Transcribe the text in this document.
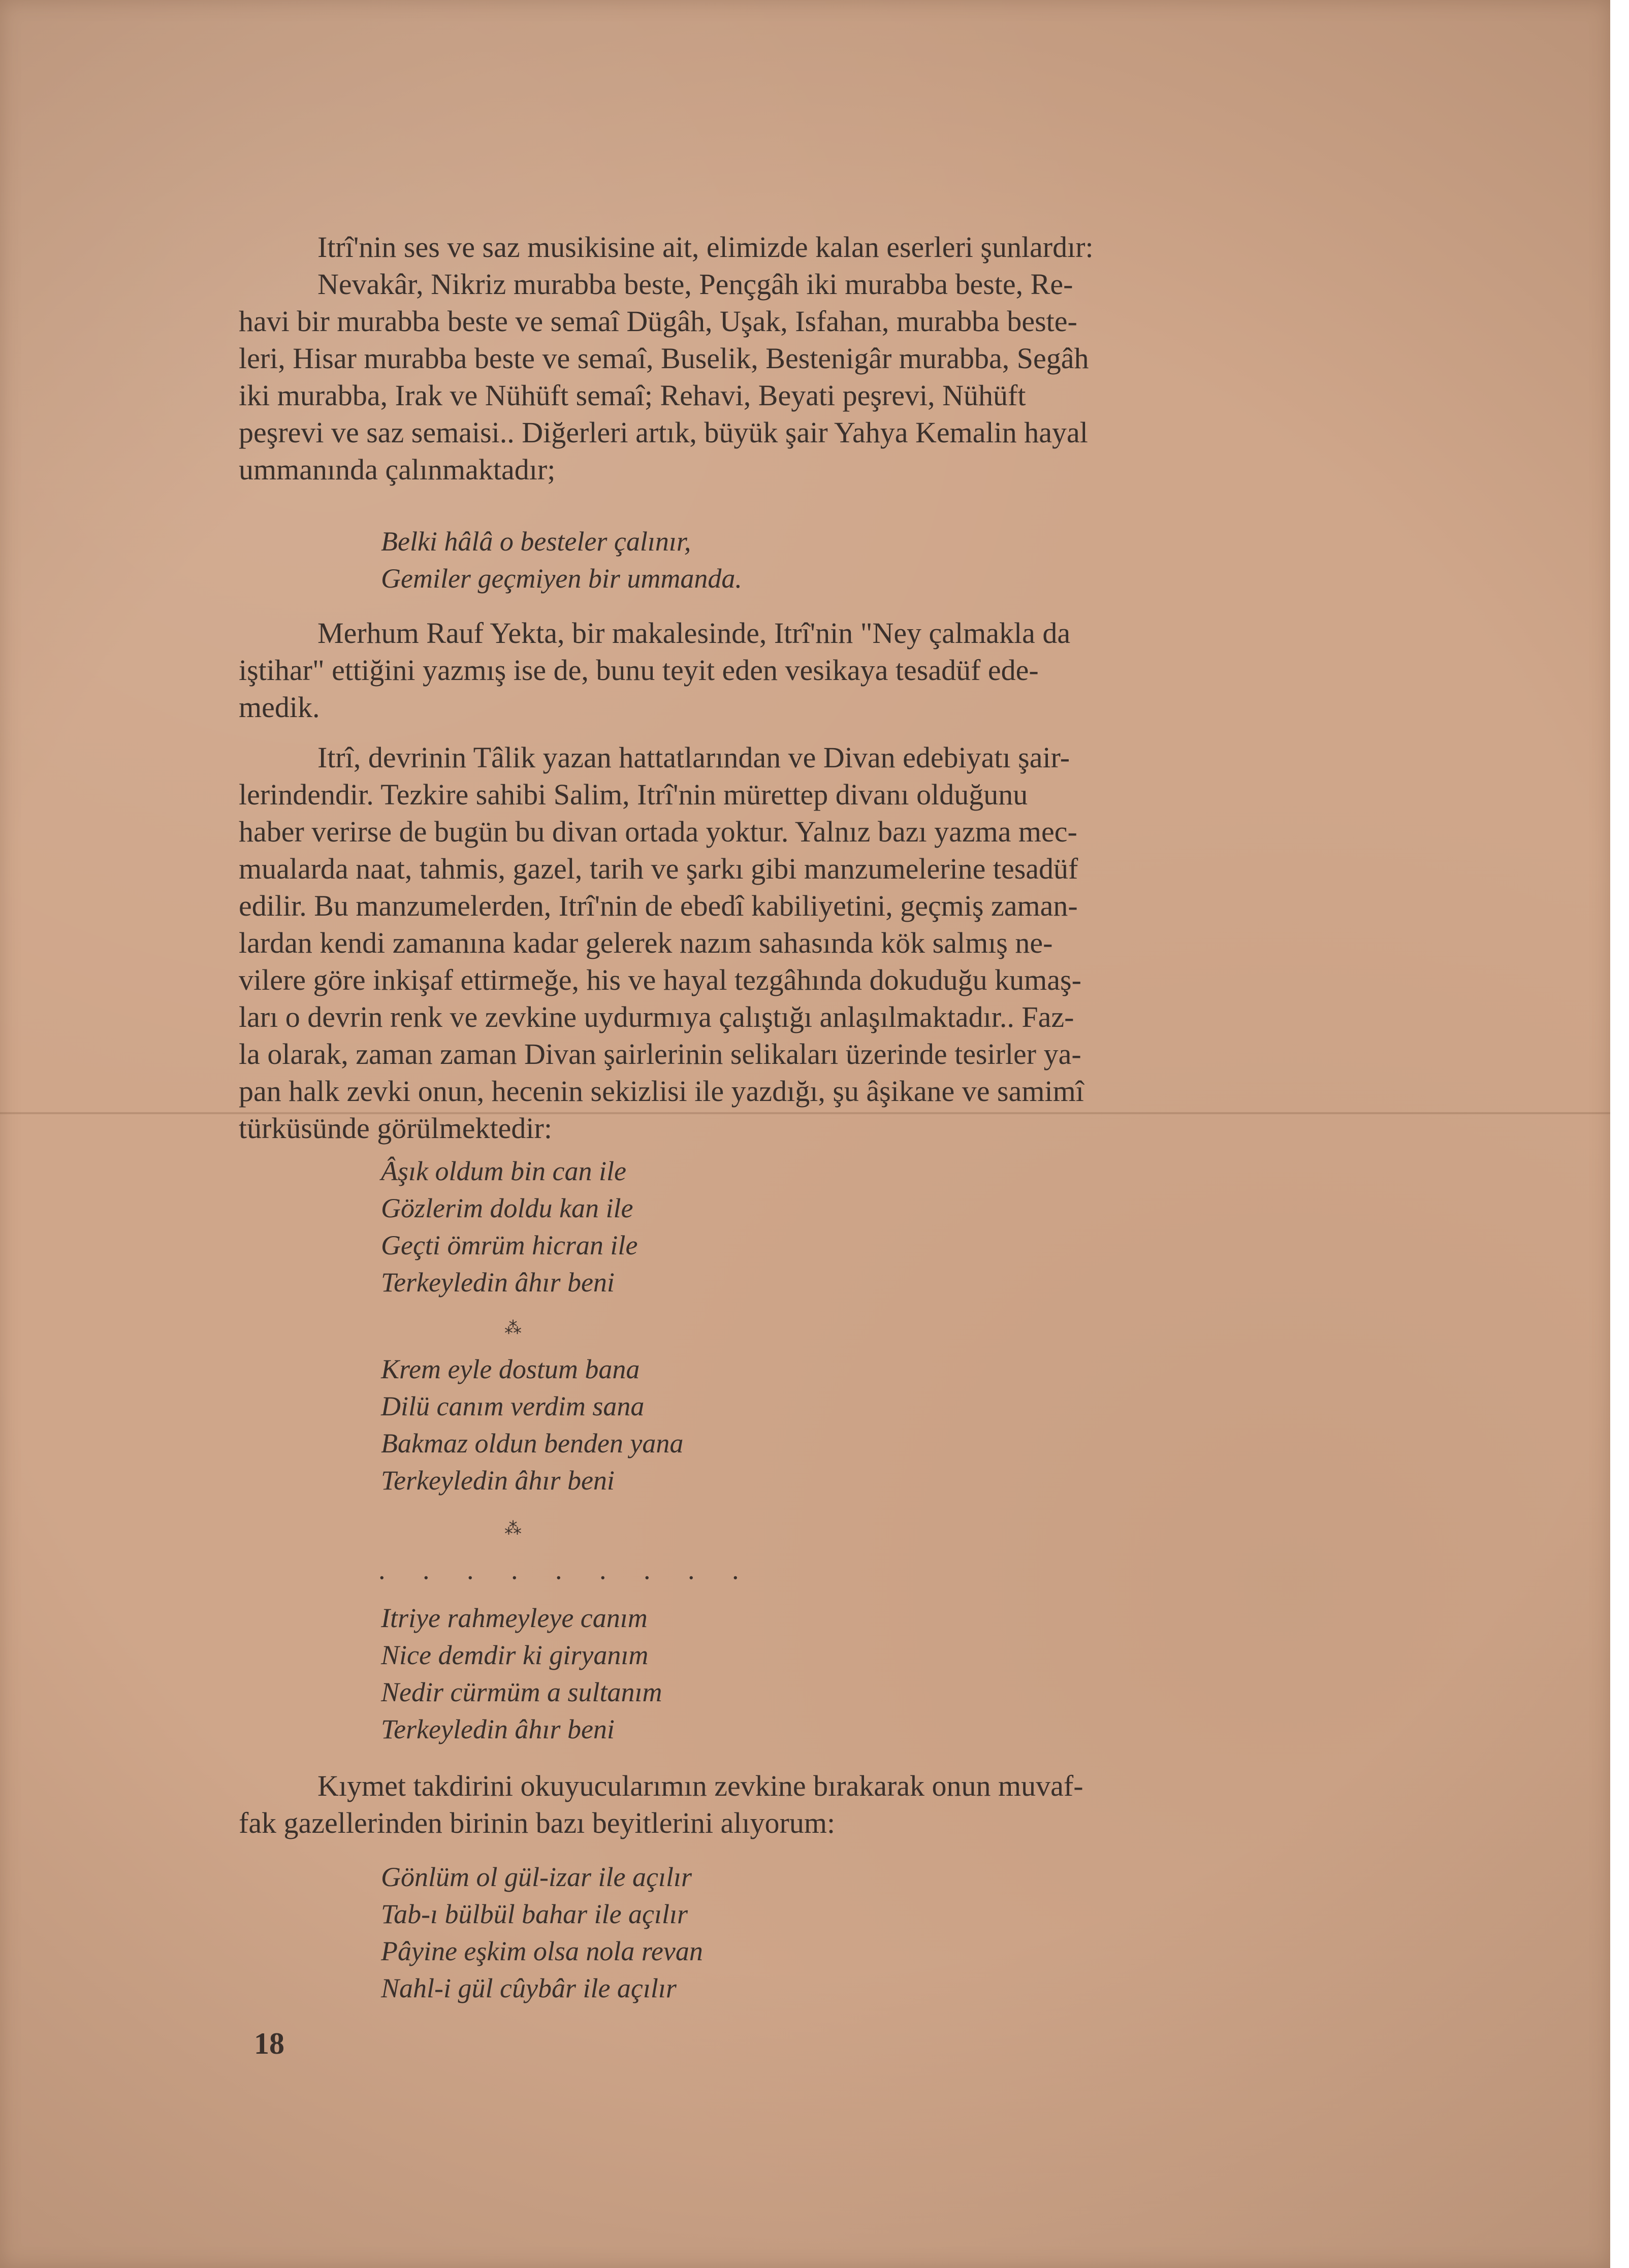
Itrî'nin ses ve saz musikisine ait, elimizde kalan eserleri şunlardır:
Nevakâr, Nikriz murabba beste, Pençgâh iki murabba beste, Re-
havi bir murabba beste ve semaî Dügâh, Uşak, Isfahan, murabba beste-
leri, Hisar murabba beste ve semaî, Buselik, Bestenigâr murabba, Segâh
iki murabba, Irak ve Nühüft semaî; Rehavi, Beyati peşrevi, Nühüft
peşrevi ve saz semaisi.. Diğerleri artık, büyük şair Yahya Kemalin hayal
ummanında çalınmaktadır;

Belki hâlâ o besteler çalınır,
Gemiler geçmiyen bir ummanda.

Merhum Rauf Yekta, bir makalesinde, Itrî'nin "Ney çalmakla da
iştihar" ettiğini yazmış ise de, bunu teyit eden vesikaya tesadüf ede-
medik.

Itrî, devrinin Tâlik yazan hattatlarından ve Divan edebiyatı şair-
lerindendir. Tezkire sahibi Salim, Itrî'nin mürettep divanı olduğunu
haber verirse de bugün bu divan ortada yoktur. Yalnız bazı yazma mec-
mualarda naat, tahmis, gazel, tarih ve şarkı gibi manzumelerine tesadüf
edilir. Bu manzumelerden, Itrî'nin de ebedî kabiliyetini, geçmiş zaman-
lardan kendi zamanına kadar gelerek nazım sahasında kök salmış ne-
vilere göre inkişaf ettirmeğe, his ve hayal tezgâhında dokuduğu kumaş-
ları o devrin renk ve zevkine uydurmıya çalıştığı anlaşılmaktadır.. Faz-
la olarak, zaman zaman Divan şairlerinin selikaları üzerinde tesirler ya-
pan halk zevki onun, hecenin sekizlisi ile yazdığı, şu âşikane ve samimî
türküsünde görülmektedir:

Âşık oldum bin can ile
Gözlerim doldu kan ile
Geçti ömrüm hicran ile
Terkeyledin âhır beni
⁂
Krem eyle dostum bana
Dilü canım verdim sana
Bakmaz oldun benden yana
Terkeyledin âhır beni
⁂
. . . . . . . . .
Itriye rahmeyleye canım
Nice demdir ki giryanım
Nedir cürmüm a sultanım
Terkeyledin âhır beni

Kıymet takdirini okuyucularımın zevkine bırakarak onun muvaf-
fak gazellerinden birinin bazı beyitlerini alıyorum:

Gönlüm ol gül-izar ile açılır
Tab-ı bülbül bahar ile açılır
Pâyine eşkim olsa nola revan
Nahl-i gül cûybâr ile açılır
18
